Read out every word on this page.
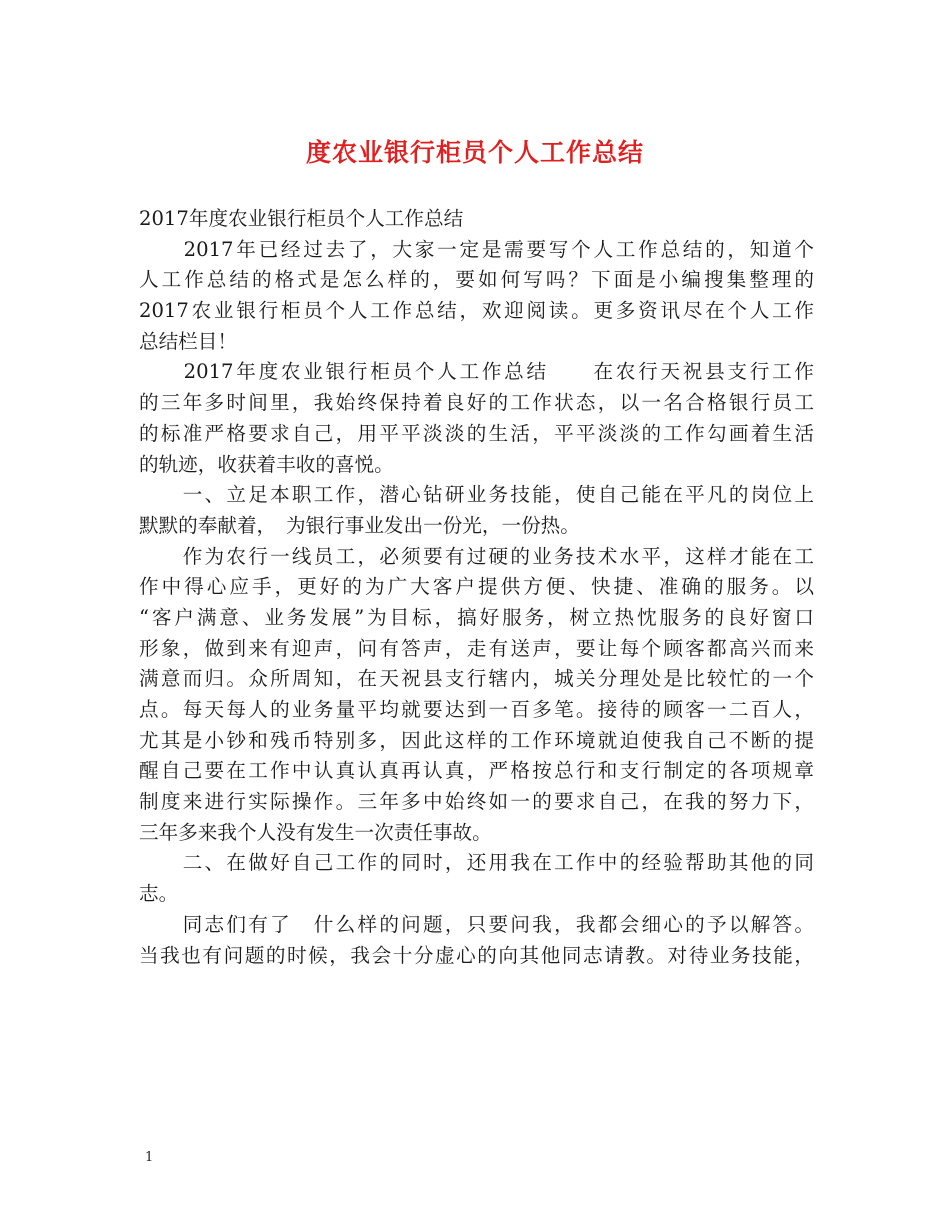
度农业银行柜员个人工作总结
2017年度农业银行柜员个人工作总结
　　2017年已经过去了，大家一定是需要写个人工作总结的，知道个
人工作总结的格式是怎么样的，要如何写吗？下面是小编搜集整理的
2017农业银行柜员个人工作总结，欢迎阅读。更多资讯尽在个人工作
总结栏目！
　　2017年度农业银行柜员个人工作总结　　在农行天祝县支行工作
的三年多时间里，我始终保持着良好的工作状态，以一名合格银行员工
的标准严格要求自己，用平平淡淡的生活，平平淡淡的工作勾画着生活
的轨迹，收获着丰收的喜悦。
　　一、立足本职工作，潜心钻研业务技能，使自己能在平凡的岗位上
默默的奉献着，　为银行事业发出一份光，一份热。
　　作为农行一线员工，必须要有过硬的业务技术水平，这样才能在工
作中得心应手，更好的为广大客户提供方便、快捷、准确的服务。以
“客户满意、业务发展”为目标，搞好服务，树立热忱服务的良好窗口
形象，做到来有迎声，问有答声，走有送声，要让每个顾客都高兴而来
满意而归。众所周知，在天祝县支行辖内，城关分理处是比较忙的一个
点。每天每人的业务量平均就要达到一百多笔。接待的顾客一二百人，
尤其是小钞和残币特别多，因此这样的工作环境就迫使我自己不断的提
醒自己要在工作中认真认真再认真，严格按总行和支行制定的各项规章
制度来进行实际操作。三年多中始终如一的要求自己，在我的努力下，
三年多来我个人没有发生一次责任事故。
　　二、在做好自己工作的同时，还用我在工作中的经验帮助其他的同
志。
　　同志们有了　什么样的问题，只要问我，我都会细心的予以解答。
当我也有问题的时候，我会十分虚心的向其他同志请教。对待业务技能，
1
